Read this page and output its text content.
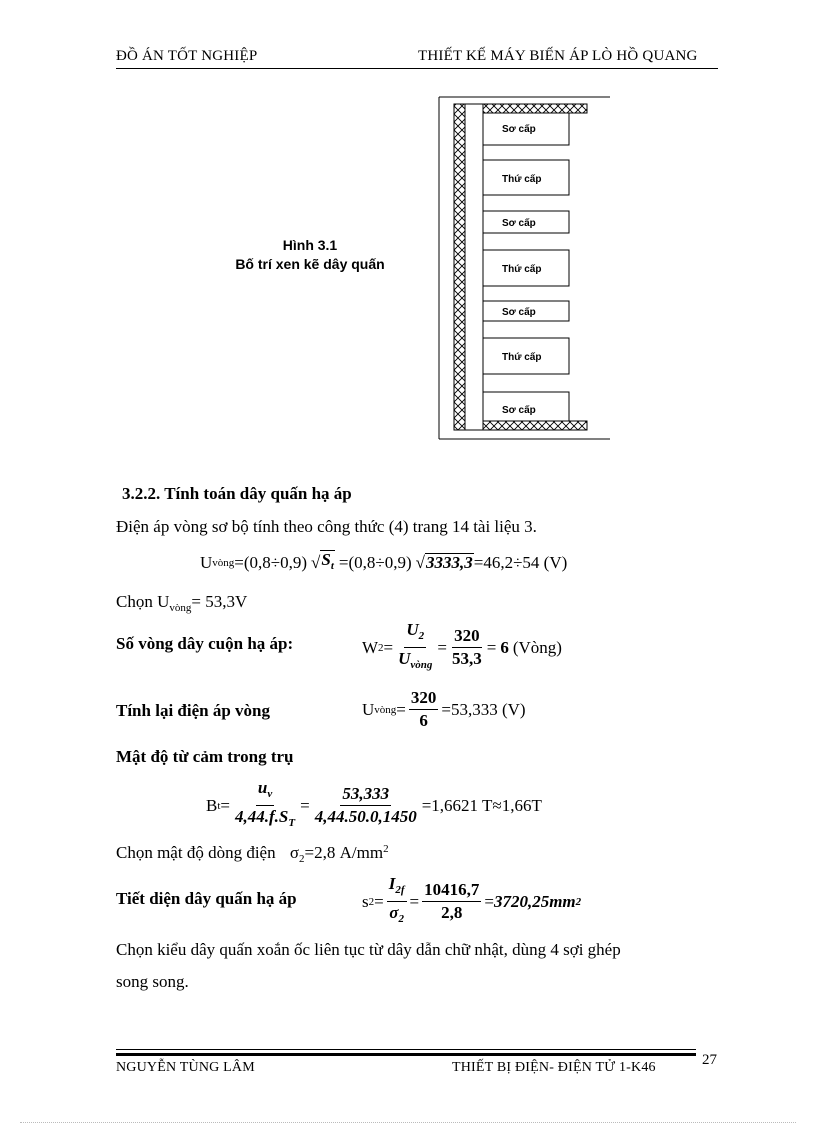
ĐỒ ÁN TỐT NGHIỆP	THIẾT KẾ MÁY BIẾN ÁP LÒ HỒ QUANG
Hình 3.1
Bố trí xen kẽ dây quấn
Sơ cấp
Thứ cấp
Sơ cấp
Thứ cấp
Sơ cấp
Thứ cấp
Sơ cấp
3.2.2. Tính toán dây quấn hạ áp
Điện áp vòng sơ bộ tính theo công thức (4) trang 14 tài liệu 3.
U vòng =(0,8÷0,9) √ $S_t =(0,8\div 0,9)$ √ 3333,3 =46,2÷54 (V)
Chọn $U_{vòng}= 53,3V$
Số vòng dây cuộn hạ áp:	W $2 = \frac{U_2}{U_{vòng}} = \frac{320}{53,3} = 6$ (Vòng)
Tính lại điện áp vòng	U vòng = $\frac{320}{6} =53,333$ (V)
Mật độ từ cảm trong trụ
B $t = \frac{u_v}{4,44.f.S_T} = \frac{53,333}{4,44.50.0,1450} =1,6621$ T≈1,66T
Chọn mật độ dòng điện $\sigma_2=2,8$ $A/mm^2$
Tiết diện dây quấn hạ áp	s $2 = \frac{I_{2f}}{\sigma_2} = \frac{10416,7}{2,8} = 3720,25mm$ 2
Chọn kiểu dây quấn xoắn ốc liên tục từ dây dẫn chữ nhật, dùng 4 sợi ghép
song song.
NGUYỄN TÙNG LÂM	THIẾT BỊ ĐIỆN- ĐIỆN TỬ 1-K46	27
